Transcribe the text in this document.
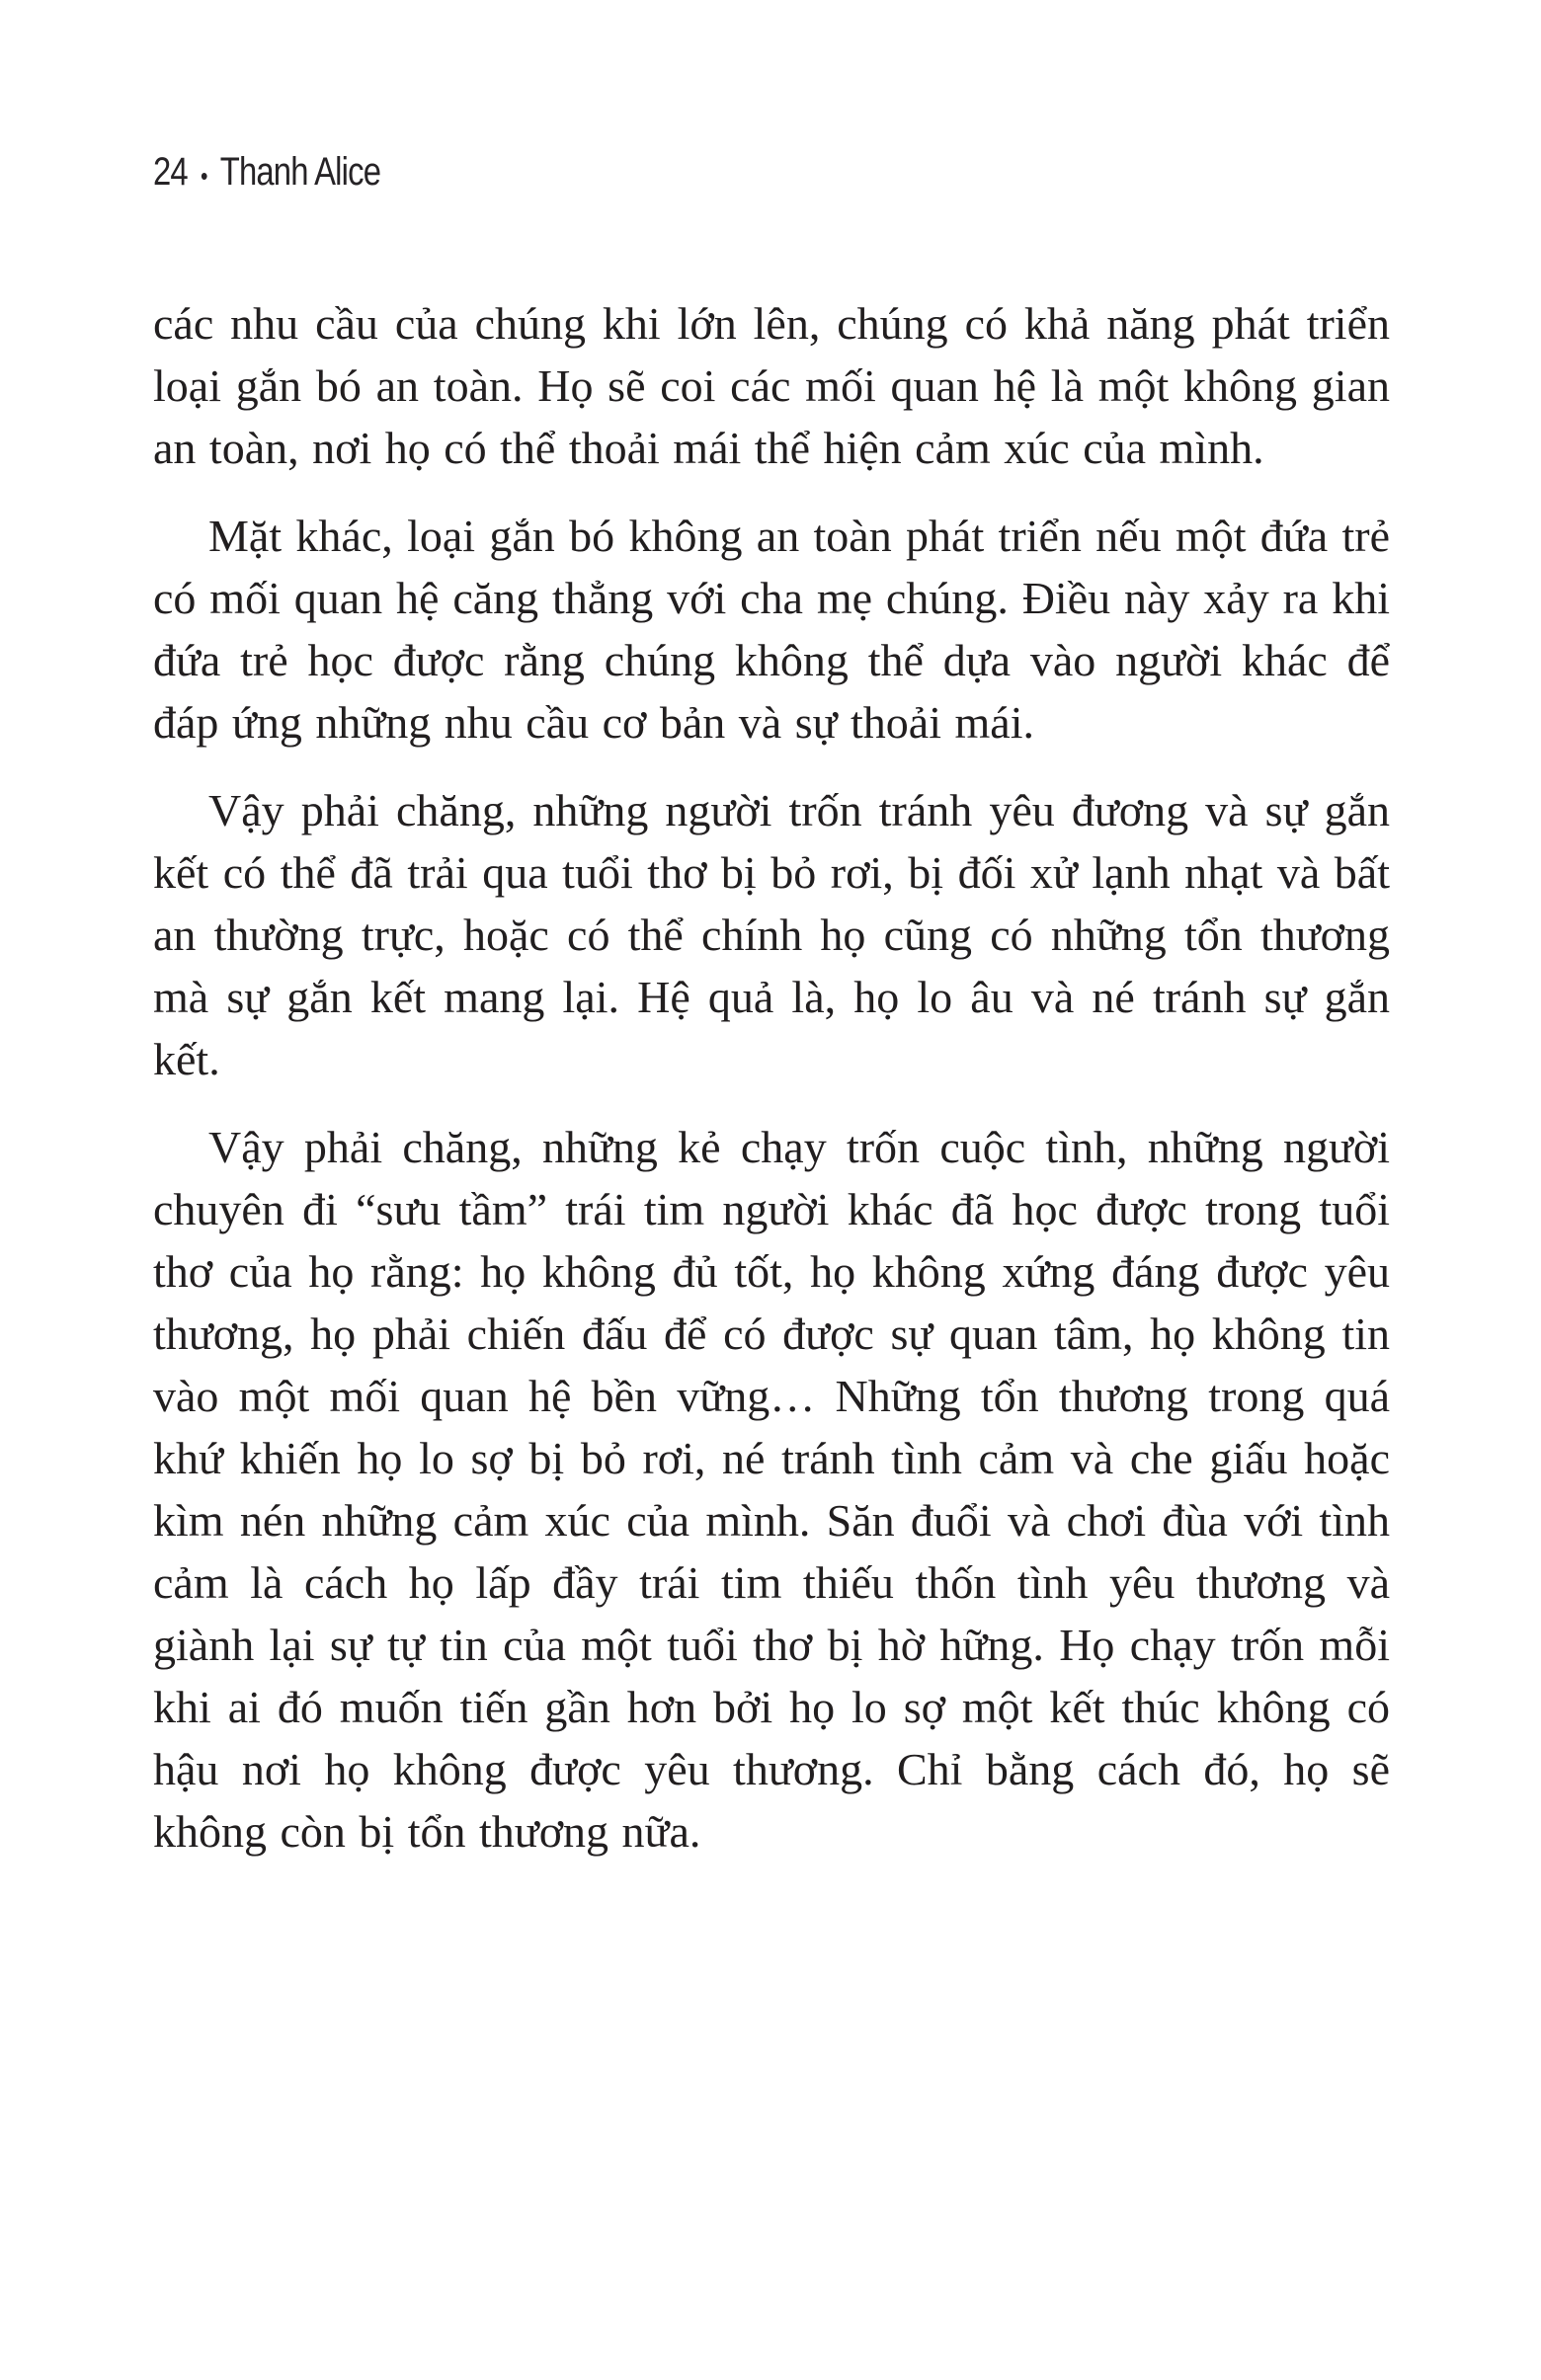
24 • Thanh Alice

các nhu cầu của chúng khi lớn lên, chúng có khả năng phát triển loại gắn bó an toàn. Họ sẽ coi các mối quan hệ là một không gian an toàn, nơi họ có thể thoải mái thể hiện cảm xúc của mình.

Mặt khác, loại gắn bó không an toàn phát triển nếu một đứa trẻ có mối quan hệ căng thẳng với cha mẹ chúng. Điều này xảy ra khi đứa trẻ học được rằng chúng không thể dựa vào người khác để đáp ứng những nhu cầu cơ bản và sự thoải mái.

Vậy phải chăng, những người trốn tránh yêu đương và sự gắn kết có thể đã trải qua tuổi thơ bị bỏ rơi, bị đối xử lạnh nhạt và bất an thường trực, hoặc có thể chính họ cũng có những tổn thương mà sự gắn kết mang lại. Hệ quả là, họ lo âu và né tránh sự gắn kết.

Vậy phải chăng, những kẻ chạy trốn cuộc tình, những người chuyên đi “sưu tầm” trái tim người khác đã học được trong tuổi thơ của họ rằng: họ không đủ tốt, họ không xứng đáng được yêu thương, họ phải chiến đấu để có được sự quan tâm, họ không tin vào một mối quan hệ bền vững… Những tổn thương trong quá khứ khiến họ lo sợ bị bỏ rơi, né tránh tình cảm và che giấu hoặc kìm nén những cảm xúc của mình. Săn đuổi và chơi đùa với tình cảm là cách họ lấp đầy trái tim thiếu thốn tình yêu thương và giành lại sự tự tin của một tuổi thơ bị hờ hững. Họ chạy trốn mỗi khi ai đó muốn tiến gần hơn bởi họ lo sợ một kết thúc không có hậu nơi họ không được yêu thương. Chỉ bằng cách đó, họ sẽ không còn bị tổn thương nữa.
